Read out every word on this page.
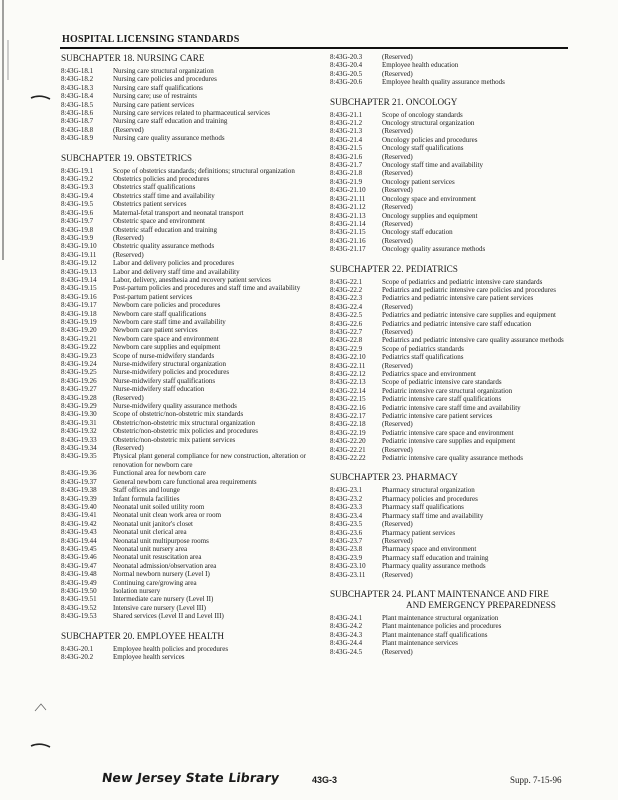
HOSPITAL LICENSING STANDARDS
SUBCHAPTER 18. NURSING CARE
8:43G-18.1	Nursing care structural organization
8:43G-18.2	Nursing care policies and procedures
8:43G-18.3	Nursing care staff qualifications
8:43G-18.4	Nursing care; use of restraints
8:43G-18.5	Nursing care patient services
8:43G-18.6	Nursing care services related to pharmaceutical services
8:43G-18.7	Nursing care staff education and training
8:43G-18.8	(Reserved)
8:43G-18.9	Nursing care quality assurance methods
SUBCHAPTER 19. OBSTETRICS
8:43G-19.1	Scope of obstetrics standards; definitions; structural organization
8:43G-19.2	Obstetrics policies and procedures
8:43G-19.3	Obstetrics staff qualifications
8:43G-19.4	Obstetrics staff time and availability
8:43G-19.5	Obstetrics patient services
8:43G-19.6	Maternal-fetal transport and neonatal transport
8:43G-19.7	Obstetric space and environment
8:43G-19.8	Obstetric staff education and training
8:43G-19.9	(Reserved)
8:43G-19.10	Obstetric quality assurance methods
8:43G-19.11	(Reserved)
8:43G-19.12	Labor and delivery policies and procedures
8:43G-19.13	Labor and delivery staff time and availability
8:43G-19.14	Labor, delivery, anesthesia and recovery patient services
8:43G-19.15	Post-partum policies and procedures and staff time and availability
8:43G-19.16	Post-partum patient services
8:43G-19.17	Newborn care policies and procedures
8:43G-19.18	Newborn care staff qualifications
8:43G-19.19	Newborn care staff time and availability
8:43G-19.20	Newborn care patient services
8:43G-19.21	Newborn care space and environment
8:43G-19.22	Newborn care supplies and equipment
8:43G-19.23	Scope of nurse-midwifery standards
8:43G-19.24	Nurse-midwifery structural organization
8:43G-19.25	Nurse-midwifery policies and procedures
8:43G-19.26	Nurse-midwifery staff qualifications
8:43G-19.27	Nurse-midwifery staff education
8:43G-19.28	(Reserved)
8:43G-19.29	Nurse-midwifery quality assurance methods
8:43G-19.30	Scope of obstetric/non-obstetric mix standards
8:43G-19.31	Obstetric/non-obstetric mix structural organization
8:43G-19.32	Obstetric/non-obstetric mix policies and procedures
8:43G-19.33	Obstetric/non-obstetric mix patient services
8:43G-19.34	(Reserved)
8:43G-19.35	Physical plant general compliance for new construction, alteration or renovation for newborn care
8:43G-19.36	Functional area for newborn care
8:43G-19.37	General newborn care functional area requirements
8:43G-19.38	Staff offices and lounge
8:43G-19.39	Infant formula facilities
8:43G-19.40	Neonatal unit soiled utility room
8:43G-19.41	Neonatal unit clean work area or room
8:43G-19.42	Neonatal unit janitor's closet
8:43G-19.43	Neonatal unit clerical area
8:43G-19.44	Neonatal unit multipurpose rooms
8:43G-19.45	Neonatal unit nursery area
8:43G-19.46	Neonatal unit resuscitation area
8:43G-19.47	Neonatal admission/observation area
8:43G-19.48	Normal newborn nursery (Level I)
8:43G-19.49	Continuing care/growing area
8:43G-19.50	Isolation nursery
8:43G-19.51	Intermediate care nursery (Level II)
8:43G-19.52	Intensive care nursery (Level III)
8:43G-19.53	Shared services (Level II and Level III)
SUBCHAPTER 20. EMPLOYEE HEALTH
8:43G-20.1	Employee health policies and procedures
8:43G-20.2	Employee health services
8:43G-20.3	(Reserved)
8:43G-20.4	Employee health education
8:43G-20.5	(Reserved)
8:43G-20.6	Employee health quality assurance methods
SUBCHAPTER 21. ONCOLOGY
8:43G-21.1	Scope of oncology standards
8:43G-21.2	Oncology structural organization
8:43G-21.3	(Reserved)
8:43G-21.4	Oncology policies and procedures
8:43G-21.5	Oncology staff qualifications
8:43G-21.6	(Reserved)
8:43G-21.7	Oncology staff time and availability
8:43G-21.8	(Reserved)
8:43G-21.9	Oncology patient services
8:43G-21.10	(Reserved)
8:43G-21.11	Oncology space and environment
8:43G-21.12	(Reserved)
8:43G-21.13	Oncology supplies and equipment
8:43G-21.14	(Reserved)
8:43G-21.15	Oncology staff education
8:43G-21.16	(Reserved)
8:43G-21.17	Oncology quality assurance methods
SUBCHAPTER 22. PEDIATRICS
8:43G-22.1	Scope of pediatrics and pediatric intensive care standards
8:43G-22.2	Pediatrics and pediatric intensive care policies and procedures
8:43G-22.3	Pediatrics and pediatric intensive care patient services
8:43G-22.4	(Reserved)
8:43G-22.5	Pediatrics and pediatric intensive care supplies and equipment
8:43G-22.6	Pediatrics and pediatric intensive care staff education
8:43G-22.7	(Reserved)
8:43G-22.8	Pediatrics and pediatric intensive care quality assurance methods
8:43G-22.9	Scope of pediatrics standards
8:43G-22.10	Pediatrics staff qualifications
8:43G-22.11	(Reserved)
8:43G-22.12	Pediatrics space and environment
8:43G-22.13	Scope of pediatric intensive care standards
8:43G-22.14	Pediatric intensive care structural organization
8:43G-22.15	Pediatric intensive care staff qualifications
8:43G-22.16	Pediatric intensive care staff time and availability
8:43G-22.17	Pediatric intensive care patient services
8:43G-22.18	(Reserved)
8:43G-22.19	Pediatric intensive care space and environment
8:43G-22.20	Pediatric intensive care supplies and equipment
8:43G-22.21	(Reserved)
8:43G-22.22	Pediatric intensive care quality assurance methods
SUBCHAPTER 23. PHARMACY
8:43G-23.1	Pharmacy structural organization
8:43G-23.2	Pharmacy policies and procedures
8:43G-23.3	Pharmacy staff qualifications
8:43G-23.4	Pharmacy staff time and availability
8:43G-23.5	(Reserved)
8:43G-23.6	Pharmacy patient services
8:43G-23.7	(Reserved)
8:43G-23.8	Pharmacy space and environment
8:43G-23.9	Pharmacy staff education and training
8:43G-23.10	Pharmacy quality assurance methods
8:43G-23.11	(Reserved)
SUBCHAPTER 24. PLANT MAINTENANCE AND FIRE
AND EMERGENCY PREPAREDNESS
8:43G-24.1	Plant maintenance structural organization
8:43G-24.2	Plant maintenance policies and procedures
8:43G-24.3	Plant maintenance staff qualifications
8:43G-24.4	Plant maintenance services
8:43G-24.5	(Reserved)
New Jersey State Library	43G-3	Supp. 7-15-96
